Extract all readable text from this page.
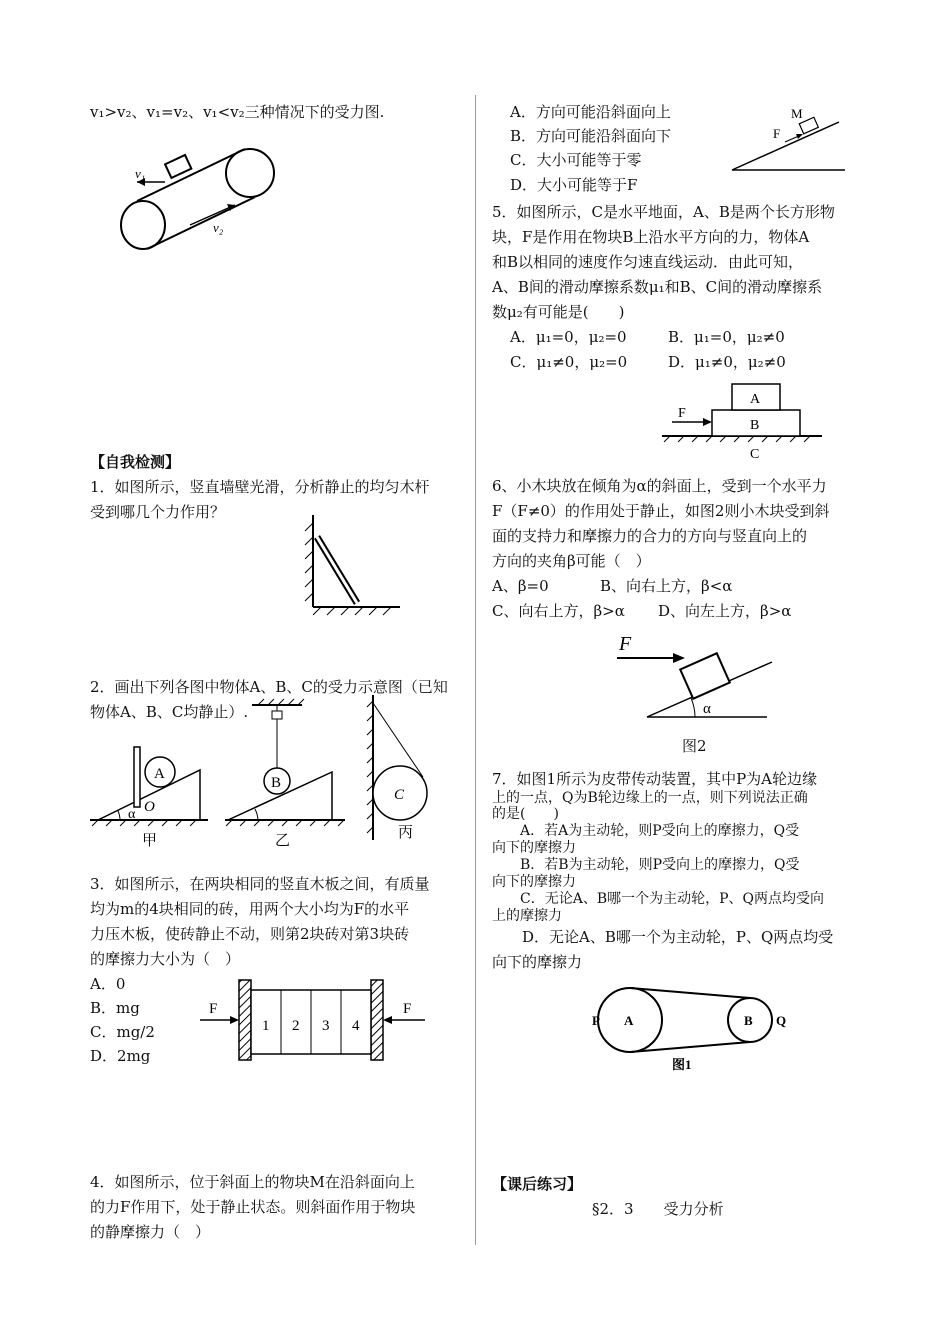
v₁>v₂、v₁=v₂、v₁<v₂三种情况下的受力图.
v₁
v₂
【自我检测】
1．如图所示，竖直墙壁光滑，分析静止的均匀木杆
受到哪几个力作用？
2．画出下列各图中物体A、B、C的受力示意图（已知
物体A、B、C均静止）.
A
O
α
甲
B
乙
C
丙
3．如图所示，在两块相同的竖直木板之间，有质量
均为m的4块相同的砖，用两个大小均为F的水平
力压木板，使砖静止不动，则第2块砖对第3块砖
的摩擦力大小为（　）
A．0
B．mg
C．mg/2
D．2mg
F	F
1 2 3 4
4．如图所示，位于斜面上的物块M在沿斜面向上
的力F作用下，处于静止状态。则斜面作用于物块
的静摩擦力（　）
A．方向可能沿斜面向上
B．方向可能沿斜面向下
C．大小可能等于零
D．大小可能等于F
M
F
5．如图所示，C是水平地面，A、B是两个长方形物
块，F是作用在物块B上沿水平方向的力，物体A
和B以相同的速度作匀速直线运动．由此可知，
A、B间的滑动摩擦系数μ₁和B、C间的滑动摩擦系
数μ₂有可能是(　　)
A．μ₁=0，μ₂=0	B．μ₁=0，μ₂≠0
C．μ₁≠0，μ₂=0	D．μ₁≠0，μ₂≠0
A
B
C
F
6、小木块放在倾角为α的斜面上，受到一个水平力
F（F≠0）的作用处于静止，如图2则小木块受到斜
面的支持力和摩擦力的合力的方向与竖直向上的
方向的夹角β可能（　）
A、β=0	B、向右上方，β<α
C、向右上方，β>α D、向左上方，β>α
F
α
图2
7．如图1所示为皮带传动装置，其中P为A轮边缘
上的一点，Q为B轮边缘上的一点，则下列说法正确
的是(　　)
　　A．若A为主动轮，则P受向上的摩擦力，Q受
向下的摩擦力
　　B．若B为主动轮，则P受向上的摩擦力，Q受
向下的摩擦力
　　C．无论A、B哪一个为主动轮，P、Q两点均受向
上的摩擦力
　　D．无论A、B哪一个为主动轮，P、Q两点均受
向下的摩擦力
P A	B Q
图1
【课后练习】
§2．3　　受力分析
